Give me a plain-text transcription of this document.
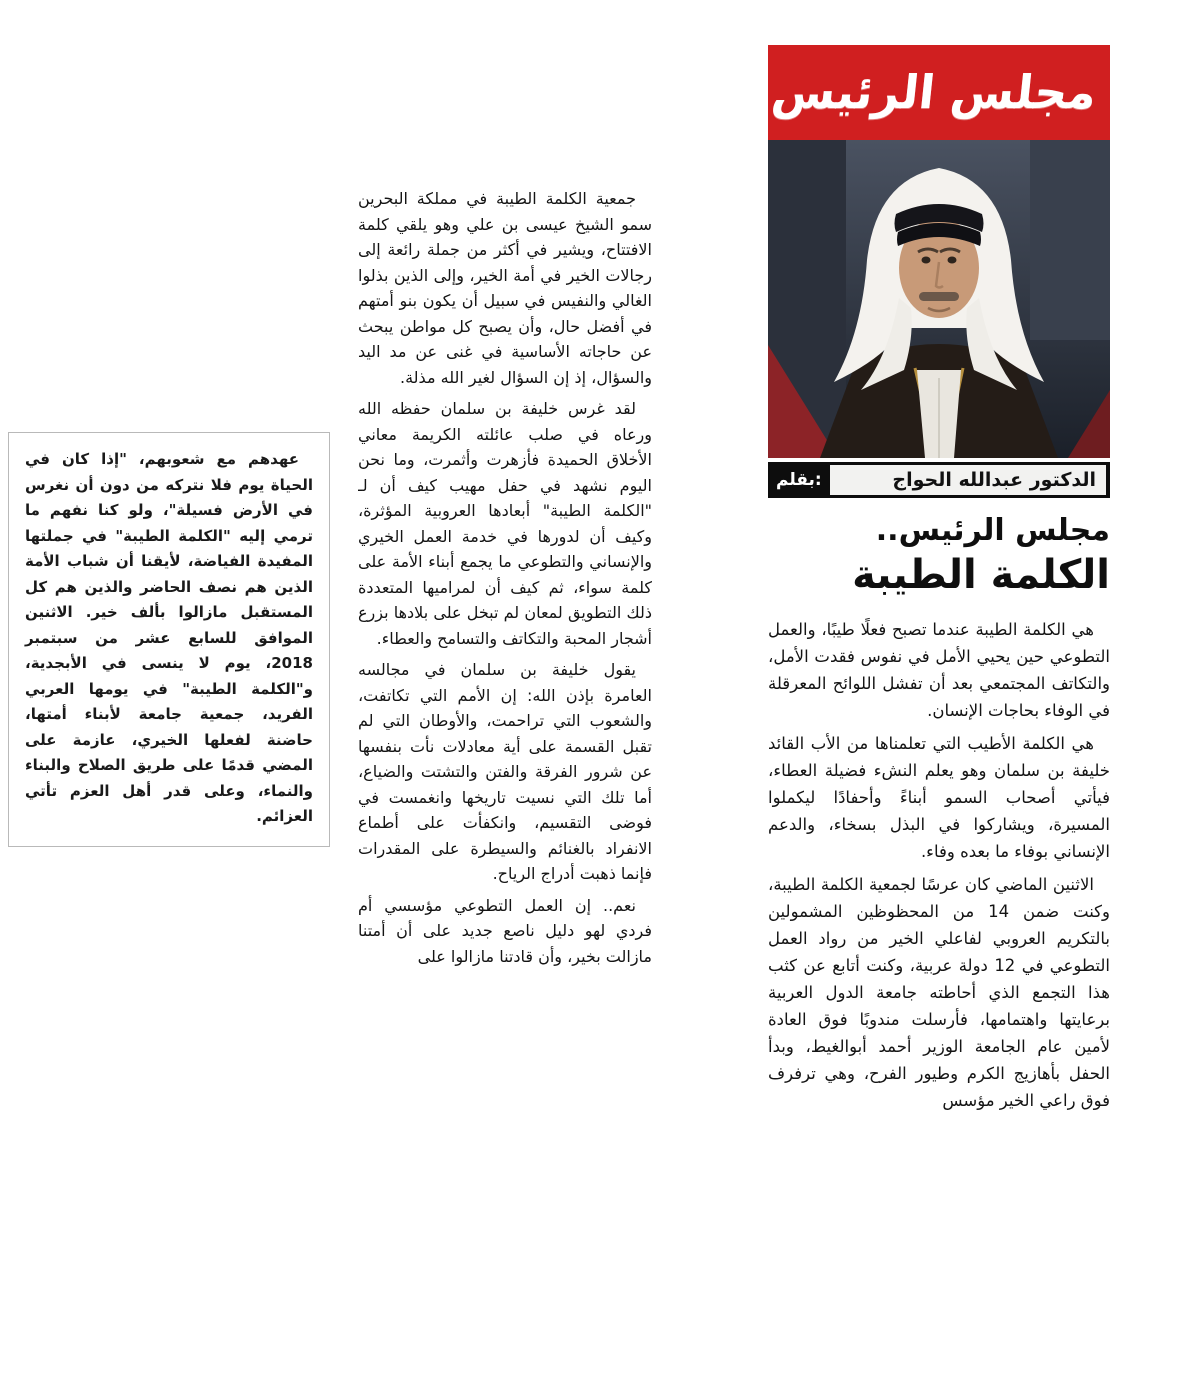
عهدهم مع شعوبهم، "إذا كان في الحياة يوم فلا نتركه من دون أن نغرس في الأرض فسيلة"، ولو كنا نفهم ما ترمي إليه "الكلمة الطيبة" في جملتها المفيدة الفياضة، لأيقنا أن شباب الأمة الذين هم نصف الحاضر والذين هم كل المستقبل مازالوا بألف خير. الاثنين الموافق للسابع عشر من سبتمبر 2018، يوم لا ينسى في الأبجدية، و"الكلمة الطيبة" في يومها العربي الفريد، جمعية جامعة لأبناء أمتها، حاضنة لفعلها الخيري، عازمة على المضي قدمًا على طريق الصلاح والبناء والنماء، وعلى قدر أهل العزم تأتي العزائم.

جمعية الكلمة الطيبة في مملكة البحرين سمو الشيخ عيسى بن علي وهو يلقي كلمة الافتتاح، ويشير في أكثر من جملة رائعة إلى رجالات الخير في أمة الخير، وإلى الذين بذلوا الغالي والنفيس في سبيل أن يكون بنو أمتهم في أفضل حال، وأن يصبح كل مواطن يبحث عن حاجاته الأساسية في غنى عن مد اليد والسؤال، إذ إن السؤال لغير الله مذلة.

لقد غرس خليفة بن سلمان حفظه الله ورعاه في صلب عائلته الكريمة معاني الأخلاق الحميدة فأزهرت وأثمرت، وما نحن اليوم نشهد في حفل مهيب كيف أن لـ "الكلمة الطيبة" أبعادها العروبية المؤثرة، وكيف أن لدورها في خدمة العمل الخيري والإنساني والتطوعي ما يجمع أبناء الأمة على كلمة سواء، ثم كيف أن لمراميها المتعددة ذلك التطويق لمعان لم تبخل على بلادها بزرع أشجار المحبة والتكاتف والتسامح والعطاء.

يقول خليفة بن سلمان في مجالسه العامرة بإذن الله: إن الأمم التي تكاتفت، والشعوب التي تراحمت، والأوطان التي لم تقبل القسمة على أية معادلات نأت بنفسها عن شرور الفرقة والفتن والتشتت والضياع، أما تلك التي نسيت تاريخها وانغمست في فوضى التقسيم، وانكفأت على أطماع الانفراد بالغنائم والسيطرة على المقدرات فإنما ذهبت أدراج الرياح.

نعم.. إن العمل التطوعي مؤسسي أم فردي لهو دليل ناصع جديد على أن أمتنا مازالت بخير، وأن قادتنا مازالوا على

مجلس الرئيس
بقلم:	الدكتور عبدالله الحواج
مجلس الرئيس..
الكلمة الطيبة

هي الكلمة الطيبة عندما تصبح فعلًا طيبًا، والعمل التطوعي حين يحيي الأمل في نفوس فقدت الأمل، والتكاتف المجتمعي بعد أن تفشل اللوائح المعرقلة في الوفاء بحاجات الإنسان.

هي الكلمة الأطيب التي تعلمناها من الأب القائد خليفة بن سلمان وهو يعلم النشء فضيلة العطاء، فيأتي أصحاب السمو أبناءً وأحفادًا ليكملوا المسيرة، ويشاركوا في البذل بسخاء، والدعم الإنساني بوفاء ما بعده وفاء.

الاثنين الماضي كان عرسًا لجمعية الكلمة الطيبة، وكنت ضمن 14 من المحظوظين المشمولين بالتكريم العروبي لفاعلي الخير من رواد العمل التطوعي في 12 دولة عربية، وكنت أتابع عن كثب هذا التجمع الذي أحاطته جامعة الدول العربية برعايتها واهتمامها، فأرسلت مندوبًا فوق العادة لأمين عام الجامعة الوزير أحمد أبوالغيط، وبدأ الحفل بأهازيج الكرم وطيور الفرح، وهي ترفرف فوق راعي الخير مؤسس
